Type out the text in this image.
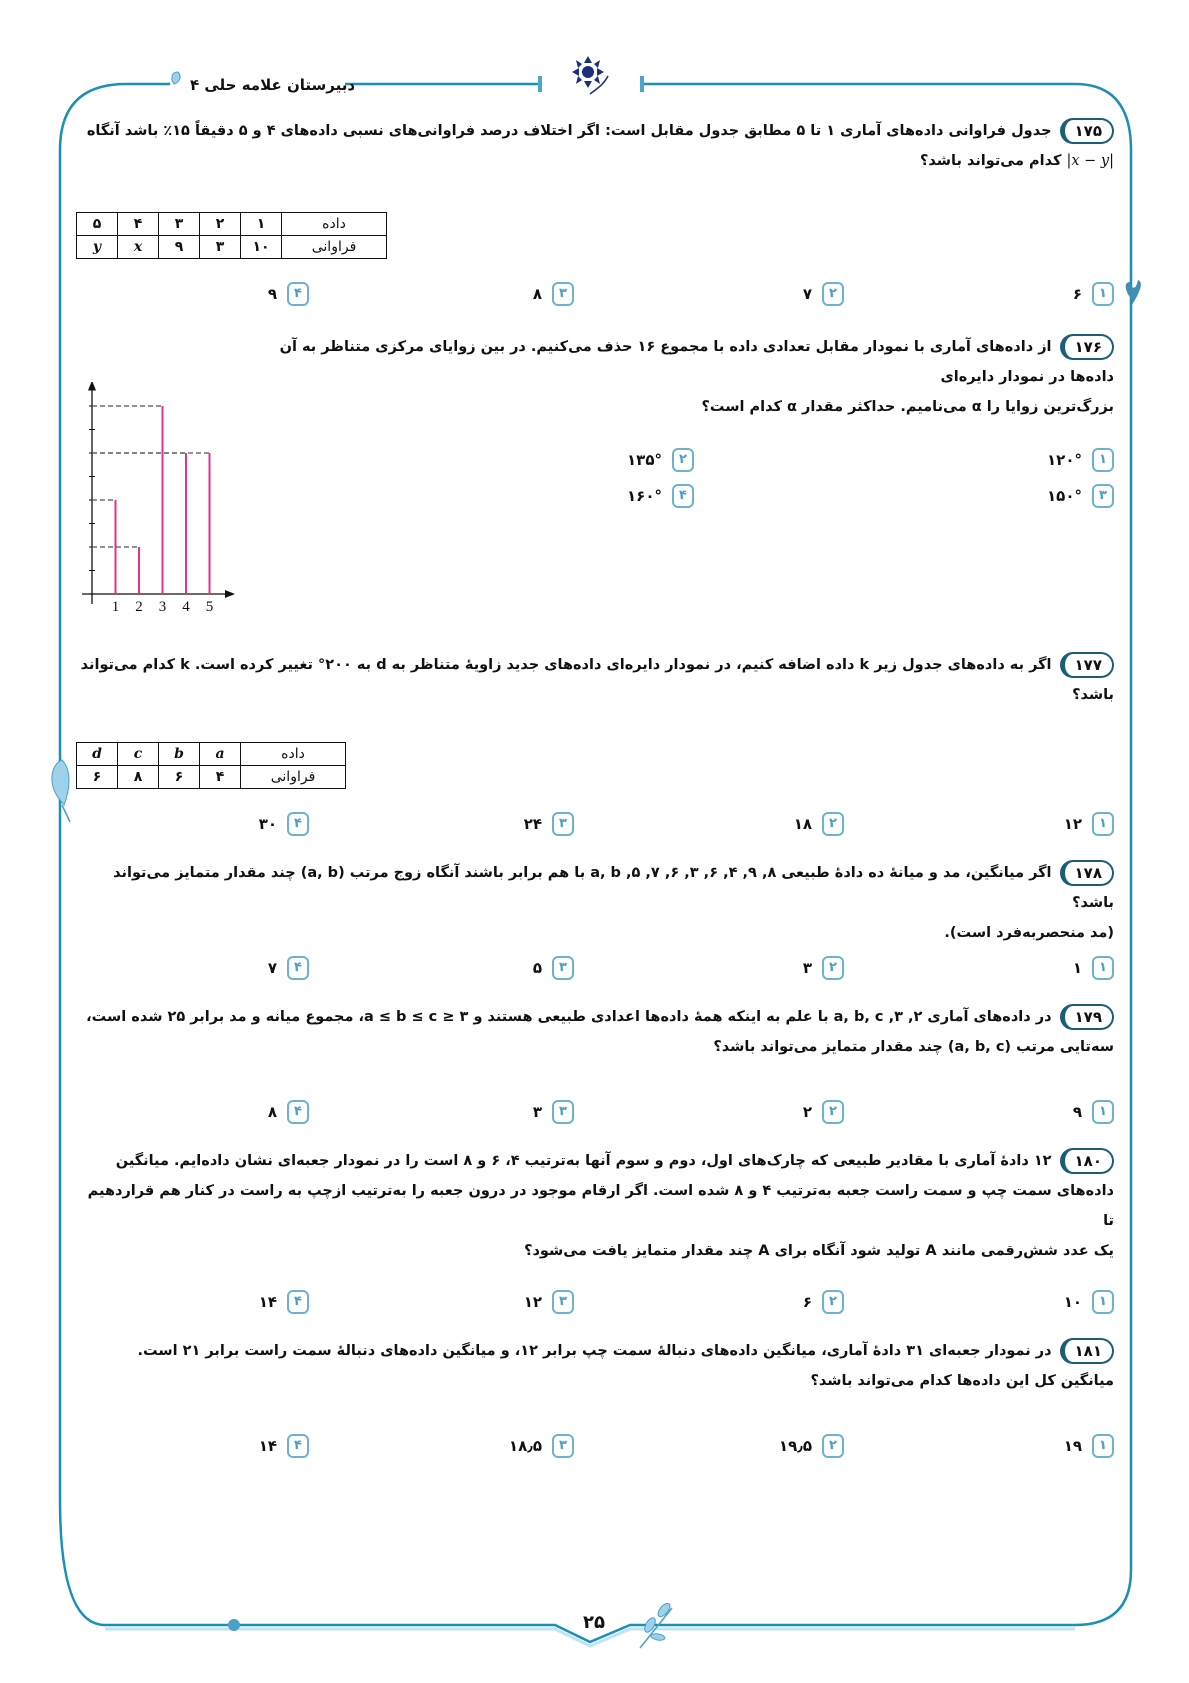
دبیرستان علامه حلی ۴
۱۷۵جدول فراوانی داده‌های آماری ۱ تا ۵ مطابق جدول مقابل است: اگر اختلاف درصد فراوانی‌های نسبی داده‌های ۴ و ۵ دقیقاً ۱۵٪ باشد آنگاه
|x − y| کدام می‌تواند باشد؟
داده	۱	۲	۳	۴	۵
فراوانی	۱۰	۳	۹	x	y
۱
۶
۲
۷
۳
۸
۴
۹
۱۷۶از داده‌های آماری با نمودار مقابل تعدادی داده با مجموع ۱۶ حذف می‌کنیم. در بین زوایای مرکزی متناظر به آن داده‌ها در نمودار دایره‌ای
بزرگ‌ترین زوایا را α می‌نامیم. حداکثر مقدار α کدام است؟
۱
۱۲۰°
۲
۱۳۵°
۳
۱۵۰°
۴
۱۶۰°
1 2 3 4 5
۱۷۷اگر به داده‌های جدول زیر k داده اضافه کنیم، در نمودار دایره‌ای داده‌های جدید زاویهٔ متناظر به d به ۲۰۰° تغییر کرده است. k کدام می‌تواند
باشد؟
داده	a	b	c	d
فراوانی	۴	۶	۸	۶
۱
۱۲
۲
۱۸
۳
۲۴
۴
۳۰
۱۷۸اگر میانگین، مد و میانهٔ ده دادهٔ طبیعی ۸, ۹, ۴, ۶, ۳, ۶, ۷, ۵, a, b با هم برابر باشند آنگاه زوج مرتب (a, b) چند مقدار متمایز می‌تواند باشد؟
(مد منحصربه‌فرد است).
۱
۱
۲
۳
۳
۵
۴
۷
۱۷۹در داده‌های آماری ۲, ۳, a, b, c با علم به اینکه همهٔ داده‌ها اعدادی طبیعی هستند و ۳ ≤ a ≤ b ≤ c، مجموع میانه و مد برابر ۲۵ شده است،
سه‌تایی مرتب (a, b, c) چند مقدار متمایز می‌تواند باشد؟
۱
۹
۲
۲
۳
۳
۴
۸
۱۸۰۱۲ دادهٔ آماری با مقادیر طبیعی که چارک‌های اول، دوم و سوم آنها به‌ترتیب ۴، ۶ و ۸ است را در نمودار جعبه‌ای نشان داده‌ایم. میانگین
داده‌های سمت چپ و سمت راست جعبه به‌ترتیب ۴ و ۸ شده است. اگر ارقام موجود در درون جعبه را به‌ترتیب ازچپ به راست در کنار هم قراردهیم تا
یک عدد شش‌رقمی مانند A تولید شود آنگاه برای A چند مقدار متمایز یافت می‌شود؟
۱
۱۰
۲
۶
۳
۱۲
۴
۱۴
۱۸۱در نمودار جعبه‌ای ۳۱ دادهٔ آماری، میانگین داده‌های دنبالهٔ سمت چپ برابر ۱۲، و میانگین داده‌های دنبالهٔ سمت راست برابر ۲۱ است.
میانگین کل این داده‌ها کدام می‌تواند باشد؟
۱
۱۹
۲
۱۹٫۵
۳
۱۸٫۵
۴
۱۴
۲۵
